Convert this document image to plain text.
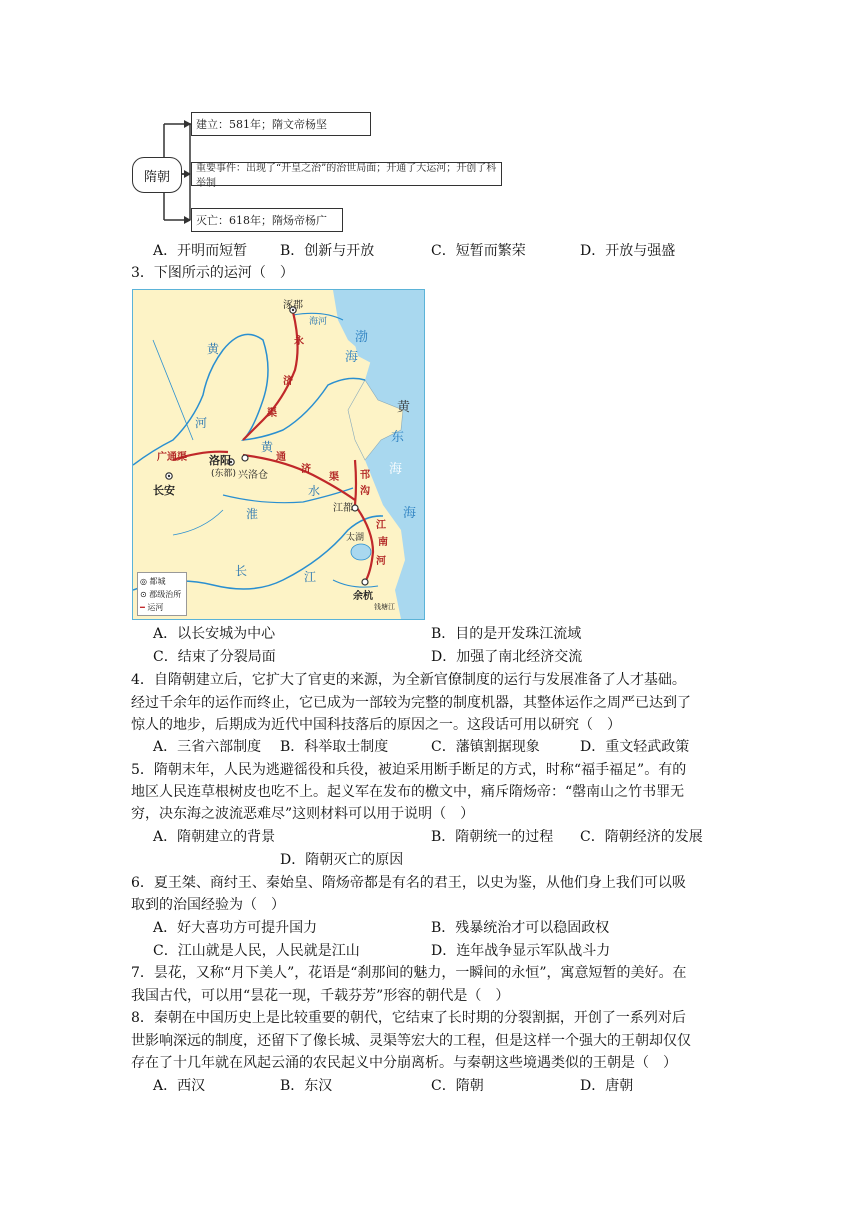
隋朝
建立：581年；隋文帝杨坚
重要事件：出现了“开皇之治”的治世局面；开通了大运河；开创了科举制
灭亡：618年；隋炀帝杨广
A．开明而短暂 B．创新与开放	C．短暂而繁荣	D．开放与强盛
3．下图所示的运河（　）
涿郡
海河
洛阳
(东都) 兴洛仓
长安
江都
余杭
钱塘江
太湖
黄
河
淮
水
长	江
黄
渤
海
黄
海
东
海
永
济
渠
广通渠	通
济
渠 邗
沟
江
南
河
◎ 都城
⊙ 郡级治所
━ 运河
A．以长安城为中心	B．目的是开发珠江流域
C．结束了分裂局面	D．加强了南北经济交流
4．自隋朝建立后，它扩大了官吏的来源，为全新官僚制度的运行与发展准备了人才基础。
经过千余年的运作而终止，它已成为一部较为完整的制度机器，其整体运作之周严已达到了
惊人的地步，后期成为近代中国科技落后的原因之一。这段话可用以研究（　）
A．三省六部制度 B．科举取士制度	C．藩镇割据现象	D．重文轻武政策
5．隋朝末年，人民为逃避徭役和兵役，被迫采用断手断足的方式，时称“福手福足”。有的
地区人民连草根树皮也吃不上。起义军在发布的檄文中，痛斥隋炀帝：“罄南山之竹书罪无
穷，决东海之波流恶难尽”这则材料可以用于说明（　）
A．隋朝建立的背景	B．隋朝统一的过程 C．隋朝经济的发展
D．隋朝灭亡的原因
6．夏王桀、商纣王、秦始皇、隋炀帝都是有名的君王，以史为鉴，从他们身上我们可以吸
取到的治国经验为（　）
A．好大喜功方可提升国力	B．残暴统治才可以稳固政权
C．江山就是人民，人民就是江山	D．连年战争显示军队战斗力
7．昙花，又称“月下美人”，花语是“刹那间的魅力，一瞬间的永恒”，寓意短暂的美好。在
我国古代，可以用“昙花一现，千载芬芳”形容的朝代是（　）
8．秦朝在中国历史上是比较重要的朝代，它结束了长时期的分裂割据，开创了一系列对后
世影响深远的制度，还留下了像长城、灵渠等宏大的工程，但是这样一个强大的王朝却仅仅
存在了十几年就在风起云涌的农民起义中分崩离析。与秦朝这些境遇类似的王朝是（　）
A．西汉	B．东汉	C．隋朝	D．唐朝
